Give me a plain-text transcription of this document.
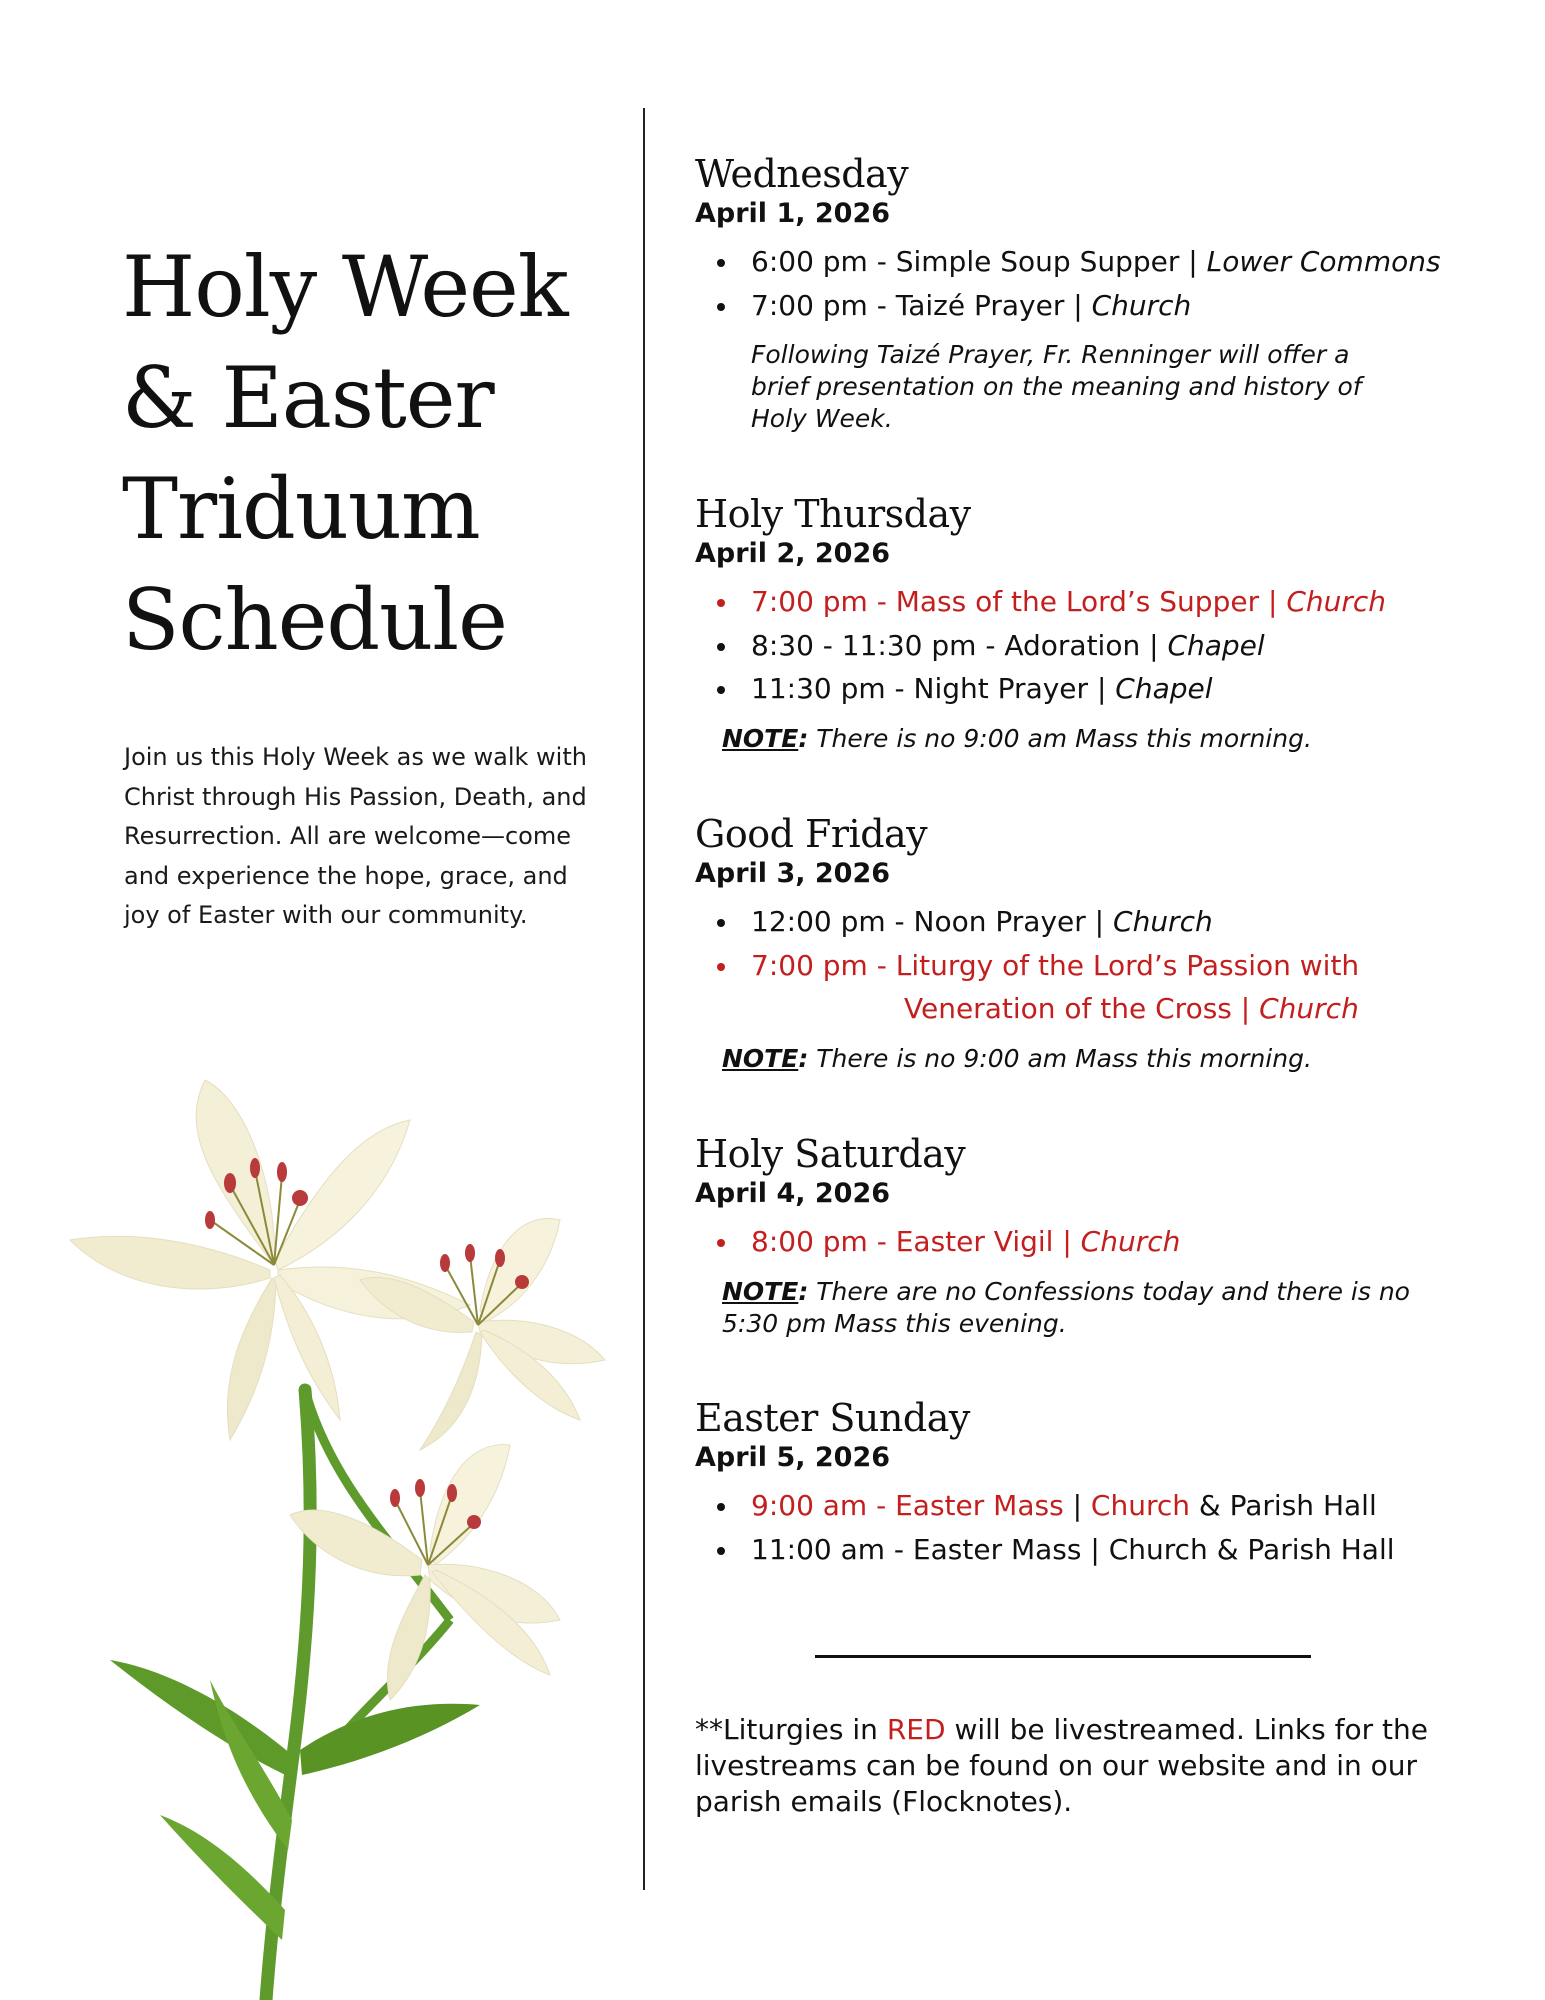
Holy Week
& Easter
Triduum
Schedule

Join us this Holy Week as we walk with Christ through His Passion, Death, and Resurrection. All are welcome—come and experience the hope, grace, and joy of Easter with our community.

Wednesday
April 1, 2026
6:00 pm - Simple Soup Supper | Lower Commons
7:00 pm - Taizé Prayer | Church

Following Taizé Prayer, Fr. Renninger will offer a brief presentation on the meaning and history of Holy Week.

Holy Thursday
April 2, 2026
7:00 pm - Mass of the Lord’s Supper | Church
8:30 - 11:30 pm - Adoration | Chapel
11:30 pm - Night Prayer | Chapel

NOTE: There is no 9:00 am Mass this morning.

Good Friday
April 3, 2026
12:00 pm - Noon Prayer | Church
7:00 pm - Liturgy of the Lord’s Passion with
Veneration of the Cross | Church

NOTE: There is no 9:00 am Mass this morning.

Holy Saturday
April 4, 2026
8:00 pm - Easter Vigil | Church

NOTE: There are no Confessions today and there is no 5:30 pm Mass this evening.

Easter Sunday
April 5, 2026
9:00 am - Easter Mass | Church & Parish Hall
11:00 am - Easter Mass | Church & Parish Hall

**Liturgies in RED will be livestreamed. Links for the livestreams can be found on our website and in our parish emails (Flocknotes).
